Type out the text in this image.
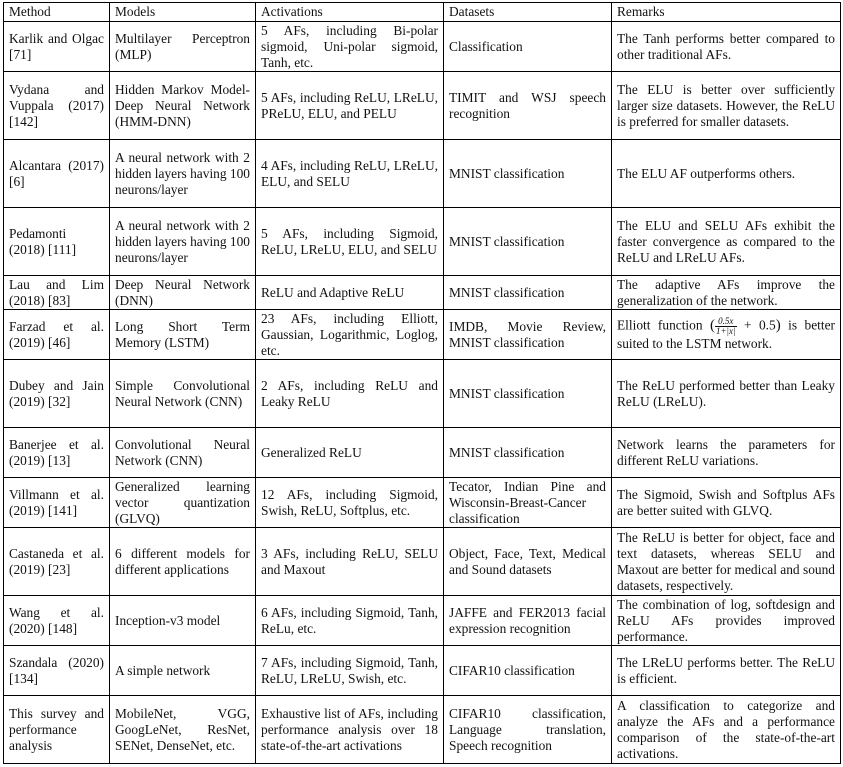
Method	Models	Activations	Datasets	Remarks
Karlik and Olgac [71]	Multilayer Perceptron (MLP)	5 AFs, including Bi-polar sigmoid, Uni-polar sigmoid, Tanh, etc.	Classification	The Tanh performs better compared to other traditional AFs.
Vydana and Vuppala (2017) [142]	Hidden Markov Model-Deep Neural Network (HMM-DNN)	5 AFs, including ReLU, LReLU, PReLU, ELU, and PELU	TIMIT and WSJ speech recognition	The ELU is better over sufficiently larger size datasets. However, the ReLU is preferred for smaller datasets.
Alcantara (2017) [6]	A neural network with 2 hidden layers having 100 neurons/layer	4 AFs, including ReLU, LReLU, ELU, and SELU	MNIST classification	The ELU AF outperforms others.
Pedamonti (2018) [111]	A neural network with 2 hidden layers having 100 neurons/layer	5 AFs, including Sigmoid, ReLU, LReLU, ELU, and SELU	MNIST classification	The ELU and SELU AFs exhibit the faster convergence as compared to the ReLU and LReLU AFs.
Lau and Lim (2018) [83]	Deep Neural Network (DNN)	ReLU and Adaptive ReLU	MNIST classification	The adaptive AFs improve the generalization of the network.
Farzad et al. (2019) [46]	Long Short Term Memory (LSTM)	23 AFs, including Elliott, Gaussian, Logarithmic, Loglog, etc.	IMDB, Movie Review, MNIST classification	Elliott function ( $\frac{0.5x}{1+|x|} + 0.5$) is better suited to the LSTM network.
Dubey and Jain (2019) [32]	Simple Convolutional Neural Network (CNN)	2 AFs, including ReLU and Leaky ReLU	MNIST classification	The ReLU performed better than Leaky ReLU (LReLU).
Banerjee et al. (2019) [13]	Convolutional Neural Network (CNN)	Generalized ReLU	MNIST classification	Network learns the parameters for different ReLU variations.
Villmann et al. (2019) [141]	Generalized learning vector quantization (GLVQ)	12 AFs, including Sigmoid, Swish, ReLU, Softplus, etc.	Tecator, Indian Pine and Wisconsin-Breast-Cancer classification	The Sigmoid, Swish and Softplus AFs are better suited with GLVQ.
Castaneda et al. (2019) [23]	6 different models for different applications	3 AFs, including ReLU, SELU and Maxout	Object, Face, Text, Medical and Sound datasets	The ReLU is better for object, face and text datasets, whereas SELU and Maxout are better for medical and sound datasets, respectively.
Wang et al. (2020) [148]	Inception-v3 model	6 AFs, including Sigmoid, Tanh, ReLu, etc.	JAFFE and FER2013 facial expression recognition	The combination of log, softdesign and ReLU AFs provides improved performance.
Szandala (2020) [134]	A simple network	7 AFs, including Sigmoid, Tanh, ReLU, LReLU, Swish, etc.	CIFAR10 classification	The LReLU performs better. The ReLU is efficient.
This survey and performance analysis	MobileNet, VGG, GoogLeNet, ResNet, SENet, DenseNet, etc.	Exhaustive list of AFs, including performance analysis over 18 state-of-the-art activations	CIFAR10 classification, Language translation, Speech recognition	A classification to categorize and analyze the AFs and a performance comparison of the state-of-the-art activations.
